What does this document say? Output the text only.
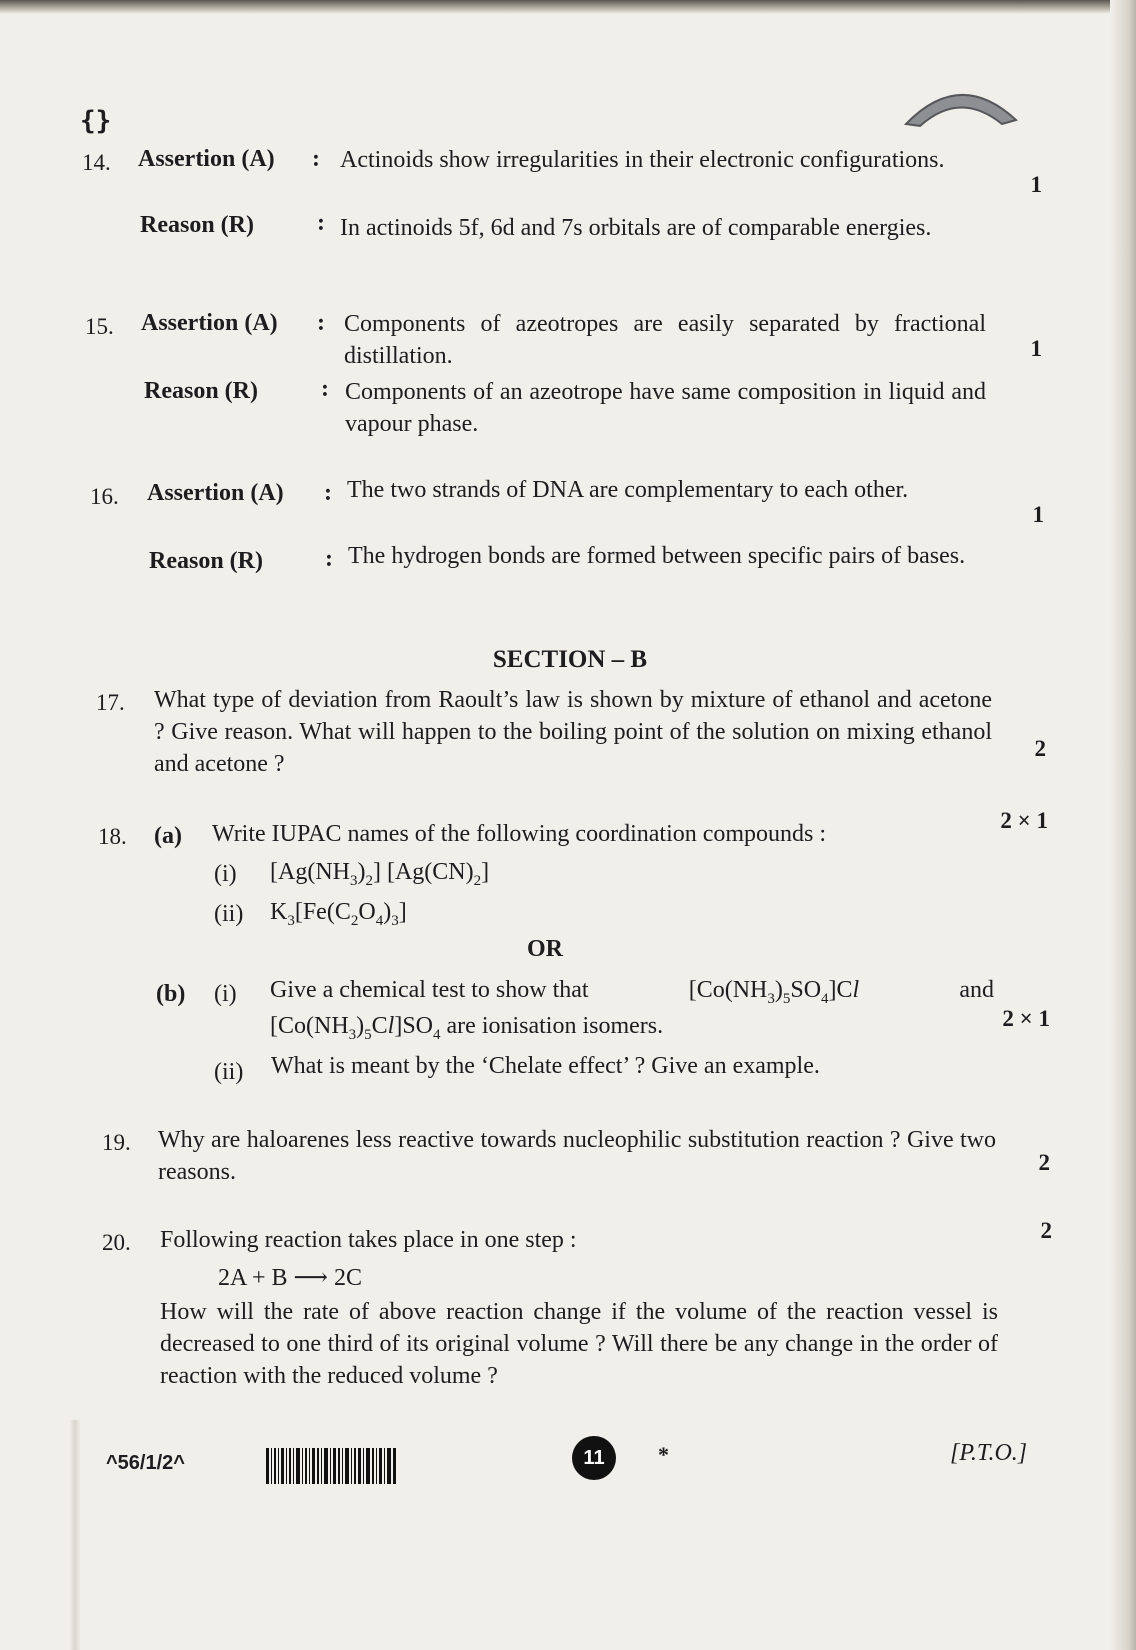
{}
14. Assertion (A) : Actinoids show irregularities in their electronic configurations.
1
Reason (R)	: In actinoids 5f, 6d and 7s orbitals are of comparable energies.
15. Assertion (A) : Components of azeotropes are easily separated by fractional distillation.	1
Reason (R)	: Components of an azeotrope have same composition in liquid and vapour phase.
16. Assertion (A) : The two strands of DNA are complementary to each other.
1
Reason (R)	: The hydrogen bonds are formed between specific pairs of bases.
SECTION – B
17. What type of deviation from Raoult’s law is shown by mixture of ethanol and acetone ? Give reason. What will happen to the boiling point of the solution on mixing ethanol and acetone ?
2
18. (a) Write IUPAC names of the following coordination compounds :
2 × 1
(i) $[Ag(NH_3)_2]$ $[Ag(CN)_2]$
(ii) $K_3[Fe(C_2O_4)_3]$
OR
(b) (i) Give a chemical test to show that	$[Co(NH_3)_5SO_4]Cl$	and
$[Co(NH_3)_5Cl]SO_4$ are ionisation isomers.	2 × 1
(ii) What is meant by the ‘Chelate effect’ ? Give an example.
19. Why are haloarenes less reactive towards nucleophilic substitution reaction ? Give two reasons.	2
20. Following reaction takes place in one step :	2
2A + B ⟶ 2C
How will the rate of above reaction change if the volume of the reaction vessel is decreased to one third of its original volume ? Will there be any change in the order of reaction with the reduced volume ?
^56/1/2^	11	*	[P.T.O.]
